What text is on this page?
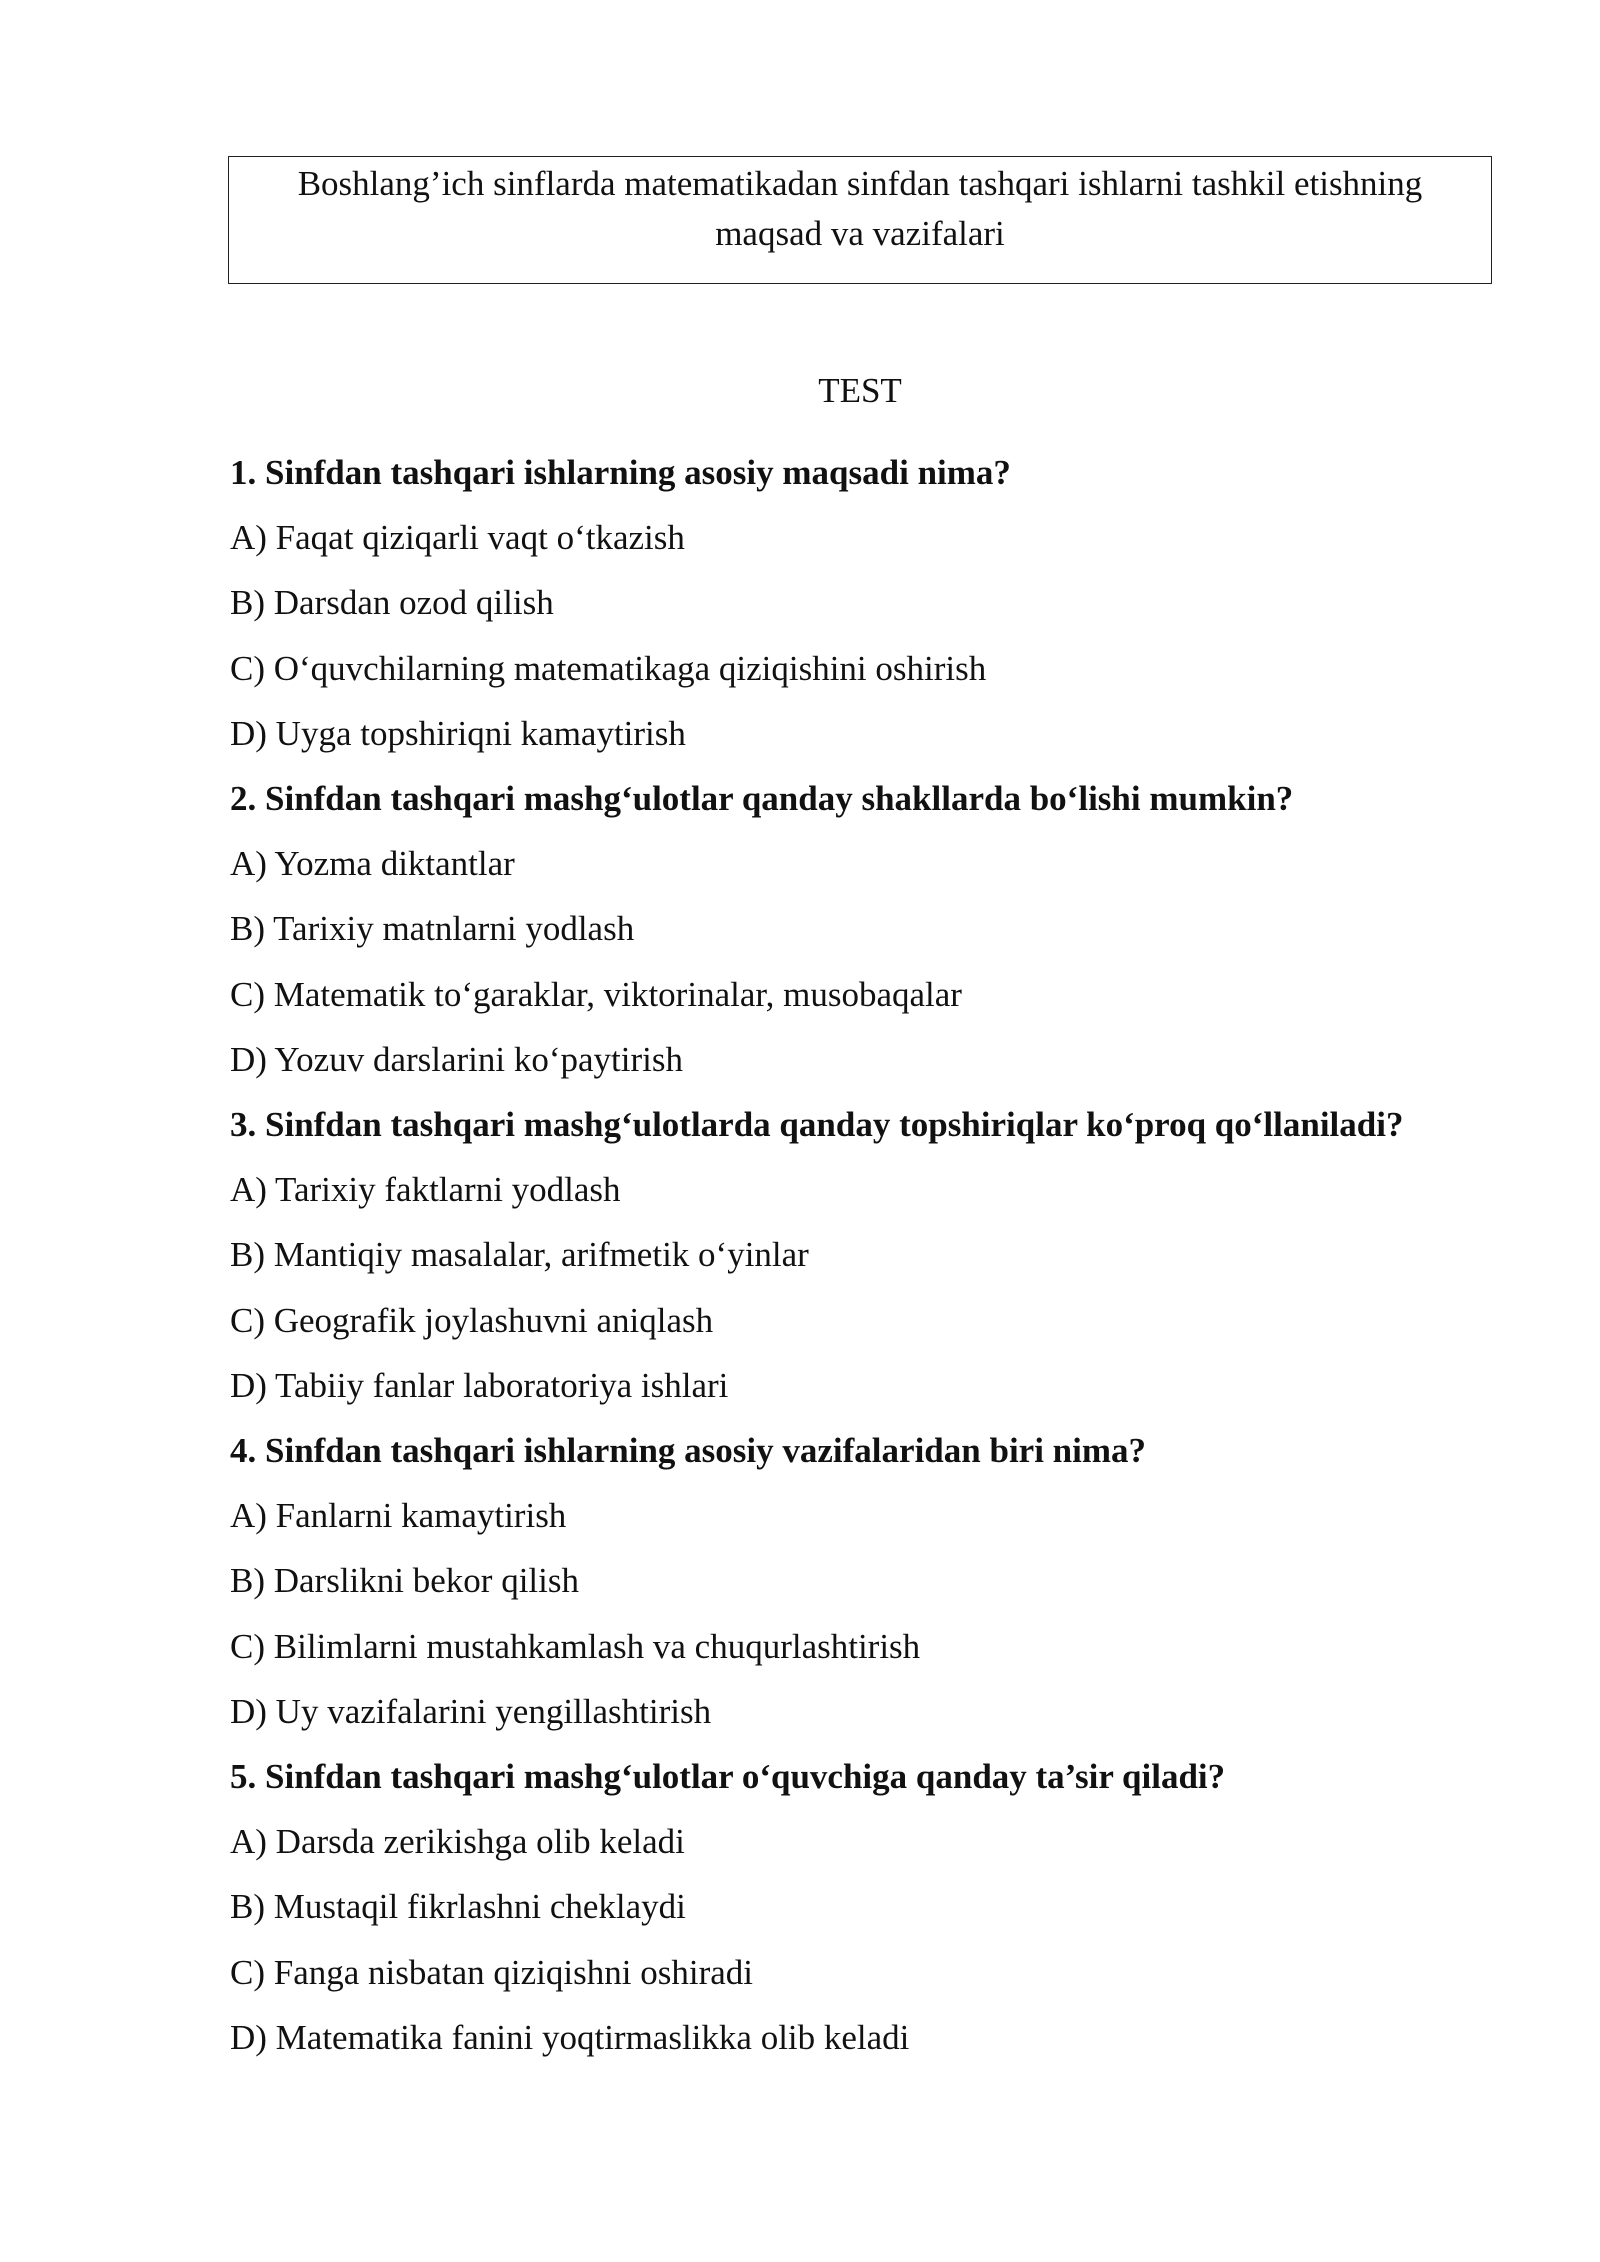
Boshlang’ich sinflarda matematikadan sinfdan tashqari ishlarni tashkil etishning
maqsad va vazifalari
TEST
1. Sinfdan tashqari ishlarning asosiy maqsadi nima?
A) Faqat qiziqarli vaqt o‘tkazish
B) Darsdan ozod qilish
C) O‘quvchilarning matematikaga qiziqishini oshirish
D) Uyga topshiriqni kamaytirish
2. Sinfdan tashqari mashg‘ulotlar qanday shakllarda bo‘lishi mumkin?
A) Yozma diktantlar
B) Tarixiy matnlarni yodlash
C) Matematik to‘garaklar, viktorinalar, musobaqalar
D) Yozuv darslarini ko‘paytirish
3. Sinfdan tashqari mashg‘ulotlarda qanday topshiriqlar ko‘proq qo‘llaniladi?
A) Tarixiy faktlarni yodlash
B) Mantiqiy masalalar, arifmetik o‘yinlar
C) Geografik joylashuvni aniqlash
D) Tabiiy fanlar laboratoriya ishlari
4. Sinfdan tashqari ishlarning asosiy vazifalaridan biri nima?
A) Fanlarni kamaytirish
B) Darslikni bekor qilish
C) Bilimlarni mustahkamlash va chuqurlashtirish
D) Uy vazifalarini yengillashtirish
5. Sinfdan tashqari mashg‘ulotlar o‘quvchiga qanday ta’sir qiladi?
A) Darsda zerikishga olib keladi
B) Mustaqil fikrlashni cheklaydi
C) Fanga nisbatan qiziqishni oshiradi
D) Matematika fanini yoqtirmaslikka olib keladi
